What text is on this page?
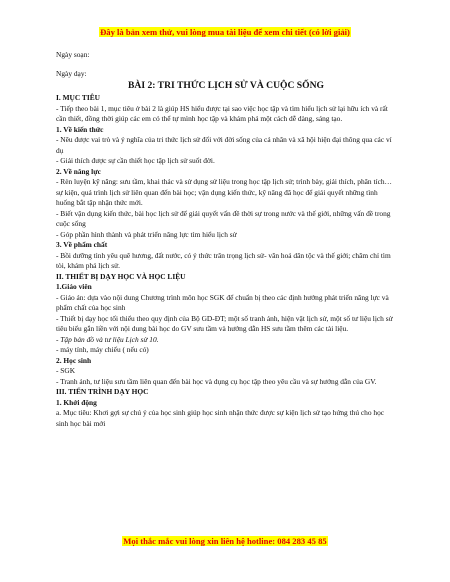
Đây là bản xem thử, vui lòng mua tài liệu để xem chi tiết (có lời giải)

Ngày soạn:

Ngày dạy:

BÀI 2: TRI THỨC LỊCH SỬ VÀ CUỘC SỐNG

I. MỤC TIÊU

- Tiếp theo bài 1, mục tiêu ở bài 2 là giúp HS hiểu được tại sao việc học tập và tìm hiểu lịch sử lại hữu ích và rất cần thiết, đồng thời giúp các em có thể tự mình học tập và khám phá một cách dễ dàng, sáng tạo.

1. Về kiến thức

- Nêu được vai trò và ý nghĩa của tri thức lịch sử đối với đời sống của cá nhân và xã hội hiện đại thông qua các ví dụ

- Giải thích được sự cần thiết học tập lịch sử suốt đời.

2. Về năng lực

- Rèn luyện kỹ năng: sưu tầm, khai thác và sử dụng sử liệu trong học tập lịch sử; trình bày, giải thích, phân tích… sự kiện, quá trình lịch sử liên quan đến bài học; vận dụng kiến thức, kỹ năng đã học để giải quyết những tình huống bắt tập nhận thức mới.

- Biết vận dụng kiến thức, bài học lịch sử để giải quyết vấn đề thời sự trong nước và thế giới, những vấn đề trong cuộc sống

- Góp phần hình thành và phát triển năng lực tìm hiểu lịch sử

3. Về phẩm chất

- Bồi dưỡng tình yêu quê hương, đất nước, có ý thức trân trọng lịch sử- văn hoá dân tộc và thế giới; chăm chỉ tìm tòi, khám phá lịch sử.

II. THIẾT BỊ DẠY HỌC VÀ HỌC LIỆU

1.Giáo viên

- Giáo án: dựa vào nội dung Chương trình môn học SGK để chuẩn bị theo các định hướng phát triển năng lực và phẩm chất của học sinh

- Thiết bị dạy học tối thiểu theo quy định của Bộ GD-ĐT; một số tranh ảnh, hiện vật lịch sử, một số tư liệu lịch sử tiêu biểu gắn liền với nội dung bài học do GV sưu tầm và hướng dẫn HS sưu tầm thêm các tài liệu.

- Tập bản đồ và tư liệu Lịch sử 10.

- máy tính, máy chiếu ( nếu có)

2. Học sinh

- SGK

- Tranh ảnh, tư liệu sưu tầm liên quan đến bài học và dụng cụ học tập theo yêu cầu và sự hướng dẫn của GV.

III. TIẾN TRÌNH DẠY HỌC

1. Khởi động

a. Mục tiêu: Khơi gợi sự chú ý của học sinh giúp học sinh nhận thức được sự kiện lịch sử tạo hứng thú cho học sinh học bài mới

Mọi thắc mắc vui lòng xin liên hệ hotline: 084 283 45 85
